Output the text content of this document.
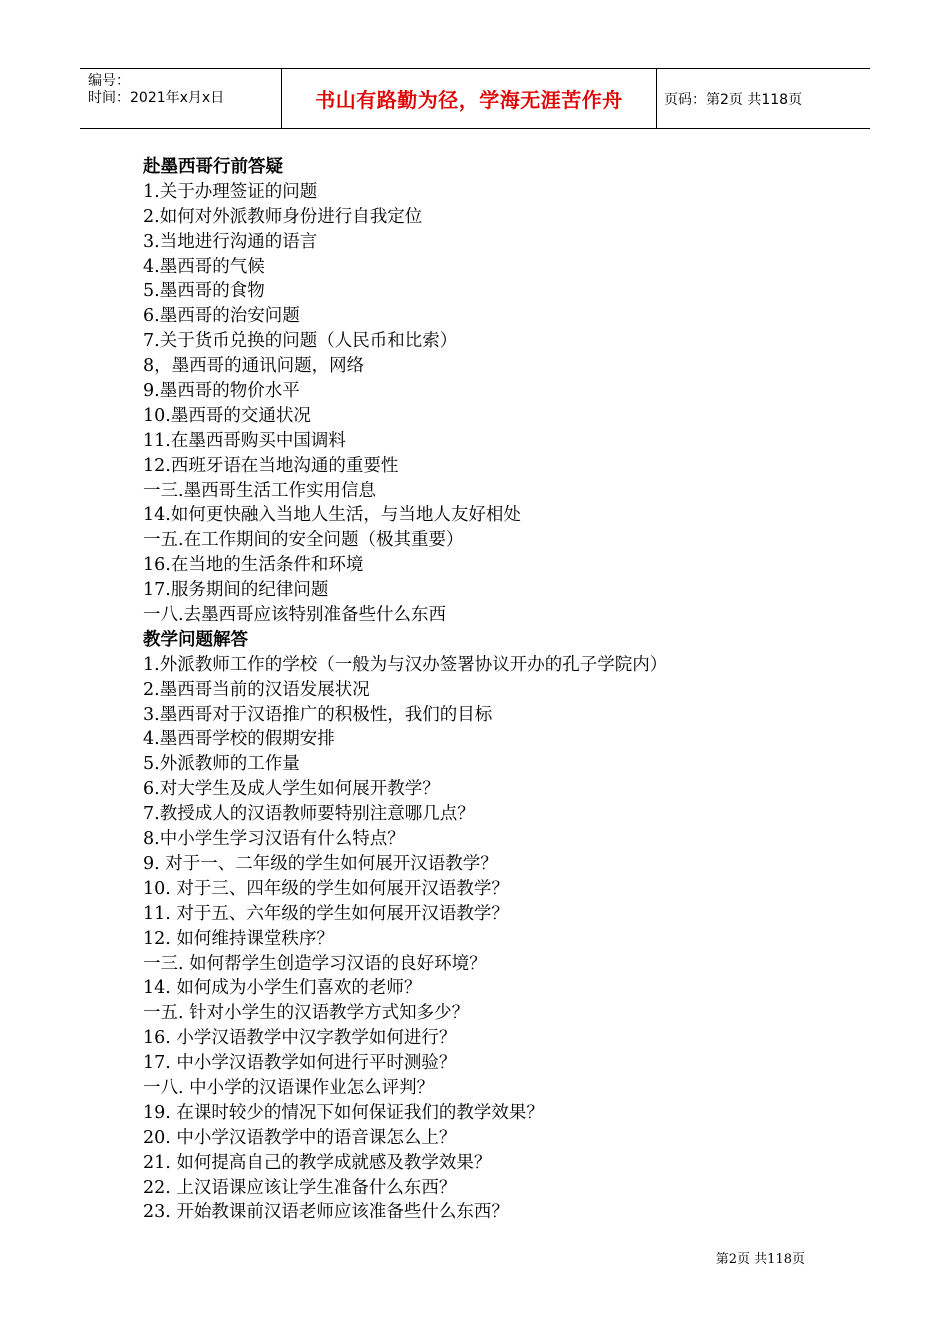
编号：
时间：2021年x月x日	书山有路勤为径，学海无涯苦作舟	页码：第2页 共118页
赴墨西哥行前答疑
1.关于办理签证的问题
2.如何对外派教师身份进行自我定位
3.当地进行沟通的语言
4.墨西哥的气候
5.墨西哥的食物
6.墨西哥的治安问题
7.关于货币兑换的问题（人民币和比索）
8，墨西哥的通讯问题，网络
9.墨西哥的物价水平
10.墨西哥的交通状况
11.在墨西哥购买中国调料
12.西班牙语在当地沟通的重要性
一三.墨西哥生活工作实用信息
14.如何更快融入当地人生活，与当地人友好相处
一五.在工作期间的安全问题（极其重要）
16.在当地的生活条件和环境
17.服务期间的纪律问题
一八.去墨西哥应该特别准备些什么东西
教学问题解答
1.外派教师工作的学校（一般为与汉办签署协议开办的孔子学院内）
2.墨西哥当前的汉语发展状况
3.墨西哥对于汉语推广的积极性，我们的目标
4.墨西哥学校的假期安排
5.外派教师的工作量
6.对大学生及成人学生如何展开教学？
7.教授成人的汉语教师要特别注意哪几点？
8.中小学生学习汉语有什么特点？
9. 对于一、二年级的学生如何展开汉语教学？
10. 对于三、四年级的学生如何展开汉语教学？
11. 对于五、六年级的学生如何展开汉语教学？
12. 如何维持课堂秩序？
一三. 如何帮学生创造学习汉语的良好环境？
14. 如何成为小学生们喜欢的老师？
一五. 针对小学生的汉语教学方式知多少？
16. 小学汉语教学中汉字教学如何进行？
17. 中小学汉语教学如何进行平时测验？
一八. 中小学的汉语课作业怎么评判？
19. 在课时较少的情况下如何保证我们的教学效果？
20. 中小学汉语教学中的语音课怎么上？
21. 如何提高自己的教学成就感及教学效果？
22. 上汉语课应该让学生准备什么东西？
23. 开始教课前汉语老师应该准备些什么东西？
第2页 共118页
